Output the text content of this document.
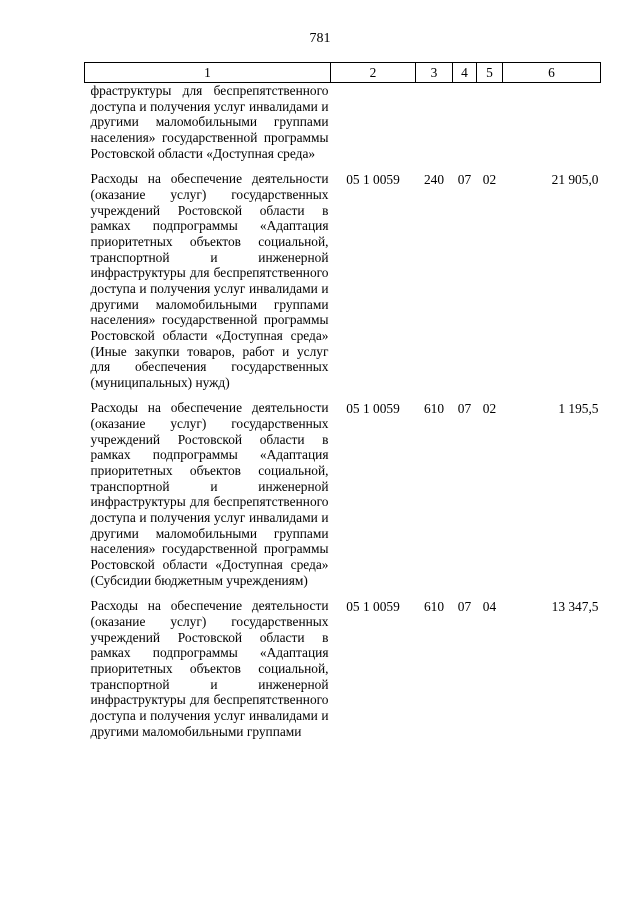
781
1	2	3	4	5	6
фраструктуры для беспрепятственного доступа и получения услуг инвалидами и другими маломобильными группами населения» государственной программы Ростовской области «Доступная среда»					
Расходы на обеспечение деятельности (оказание услуг) государственных учреждений Ростовской области в рамках подпрограммы «Адаптация приоритетных объектов социальной, транспортной и инженерной инфраструктуры для беспрепятственного доступа и получения услуг инвалидами и другими маломобильными группами населения» государственной программы Ростовской области «Доступная среда» (Иные закупки товаров, работ и услуг для обеспечения государственных (муниципальных) нужд)	05 1 0059	240	07	02	21 905,0
Расходы на обеспечение деятельности (оказание услуг) государственных учреждений Ростовской области в рамках подпрограммы «Адаптация приоритетных объектов социальной, транспортной и инженерной инфраструктуры для беспрепятственного доступа и получения услуг инвалидами и другими маломобильными группами населения» государственной программы Ростовской области «Доступная среда» (Субсидии бюджетным учреждениям)	05 1 0059	610	07	02	1 195,5
Расходы на обеспечение деятельности (оказание услуг) государственных учреждений Ростовской области в рамках подпрограммы «Адаптация приоритетных объектов социальной, транспортной и инженерной инфраструктуры для беспрепятственного доступа и получения услуг инвалидами и другими маломобильными группами	05 1 0059	610	07	04	13 347,5
